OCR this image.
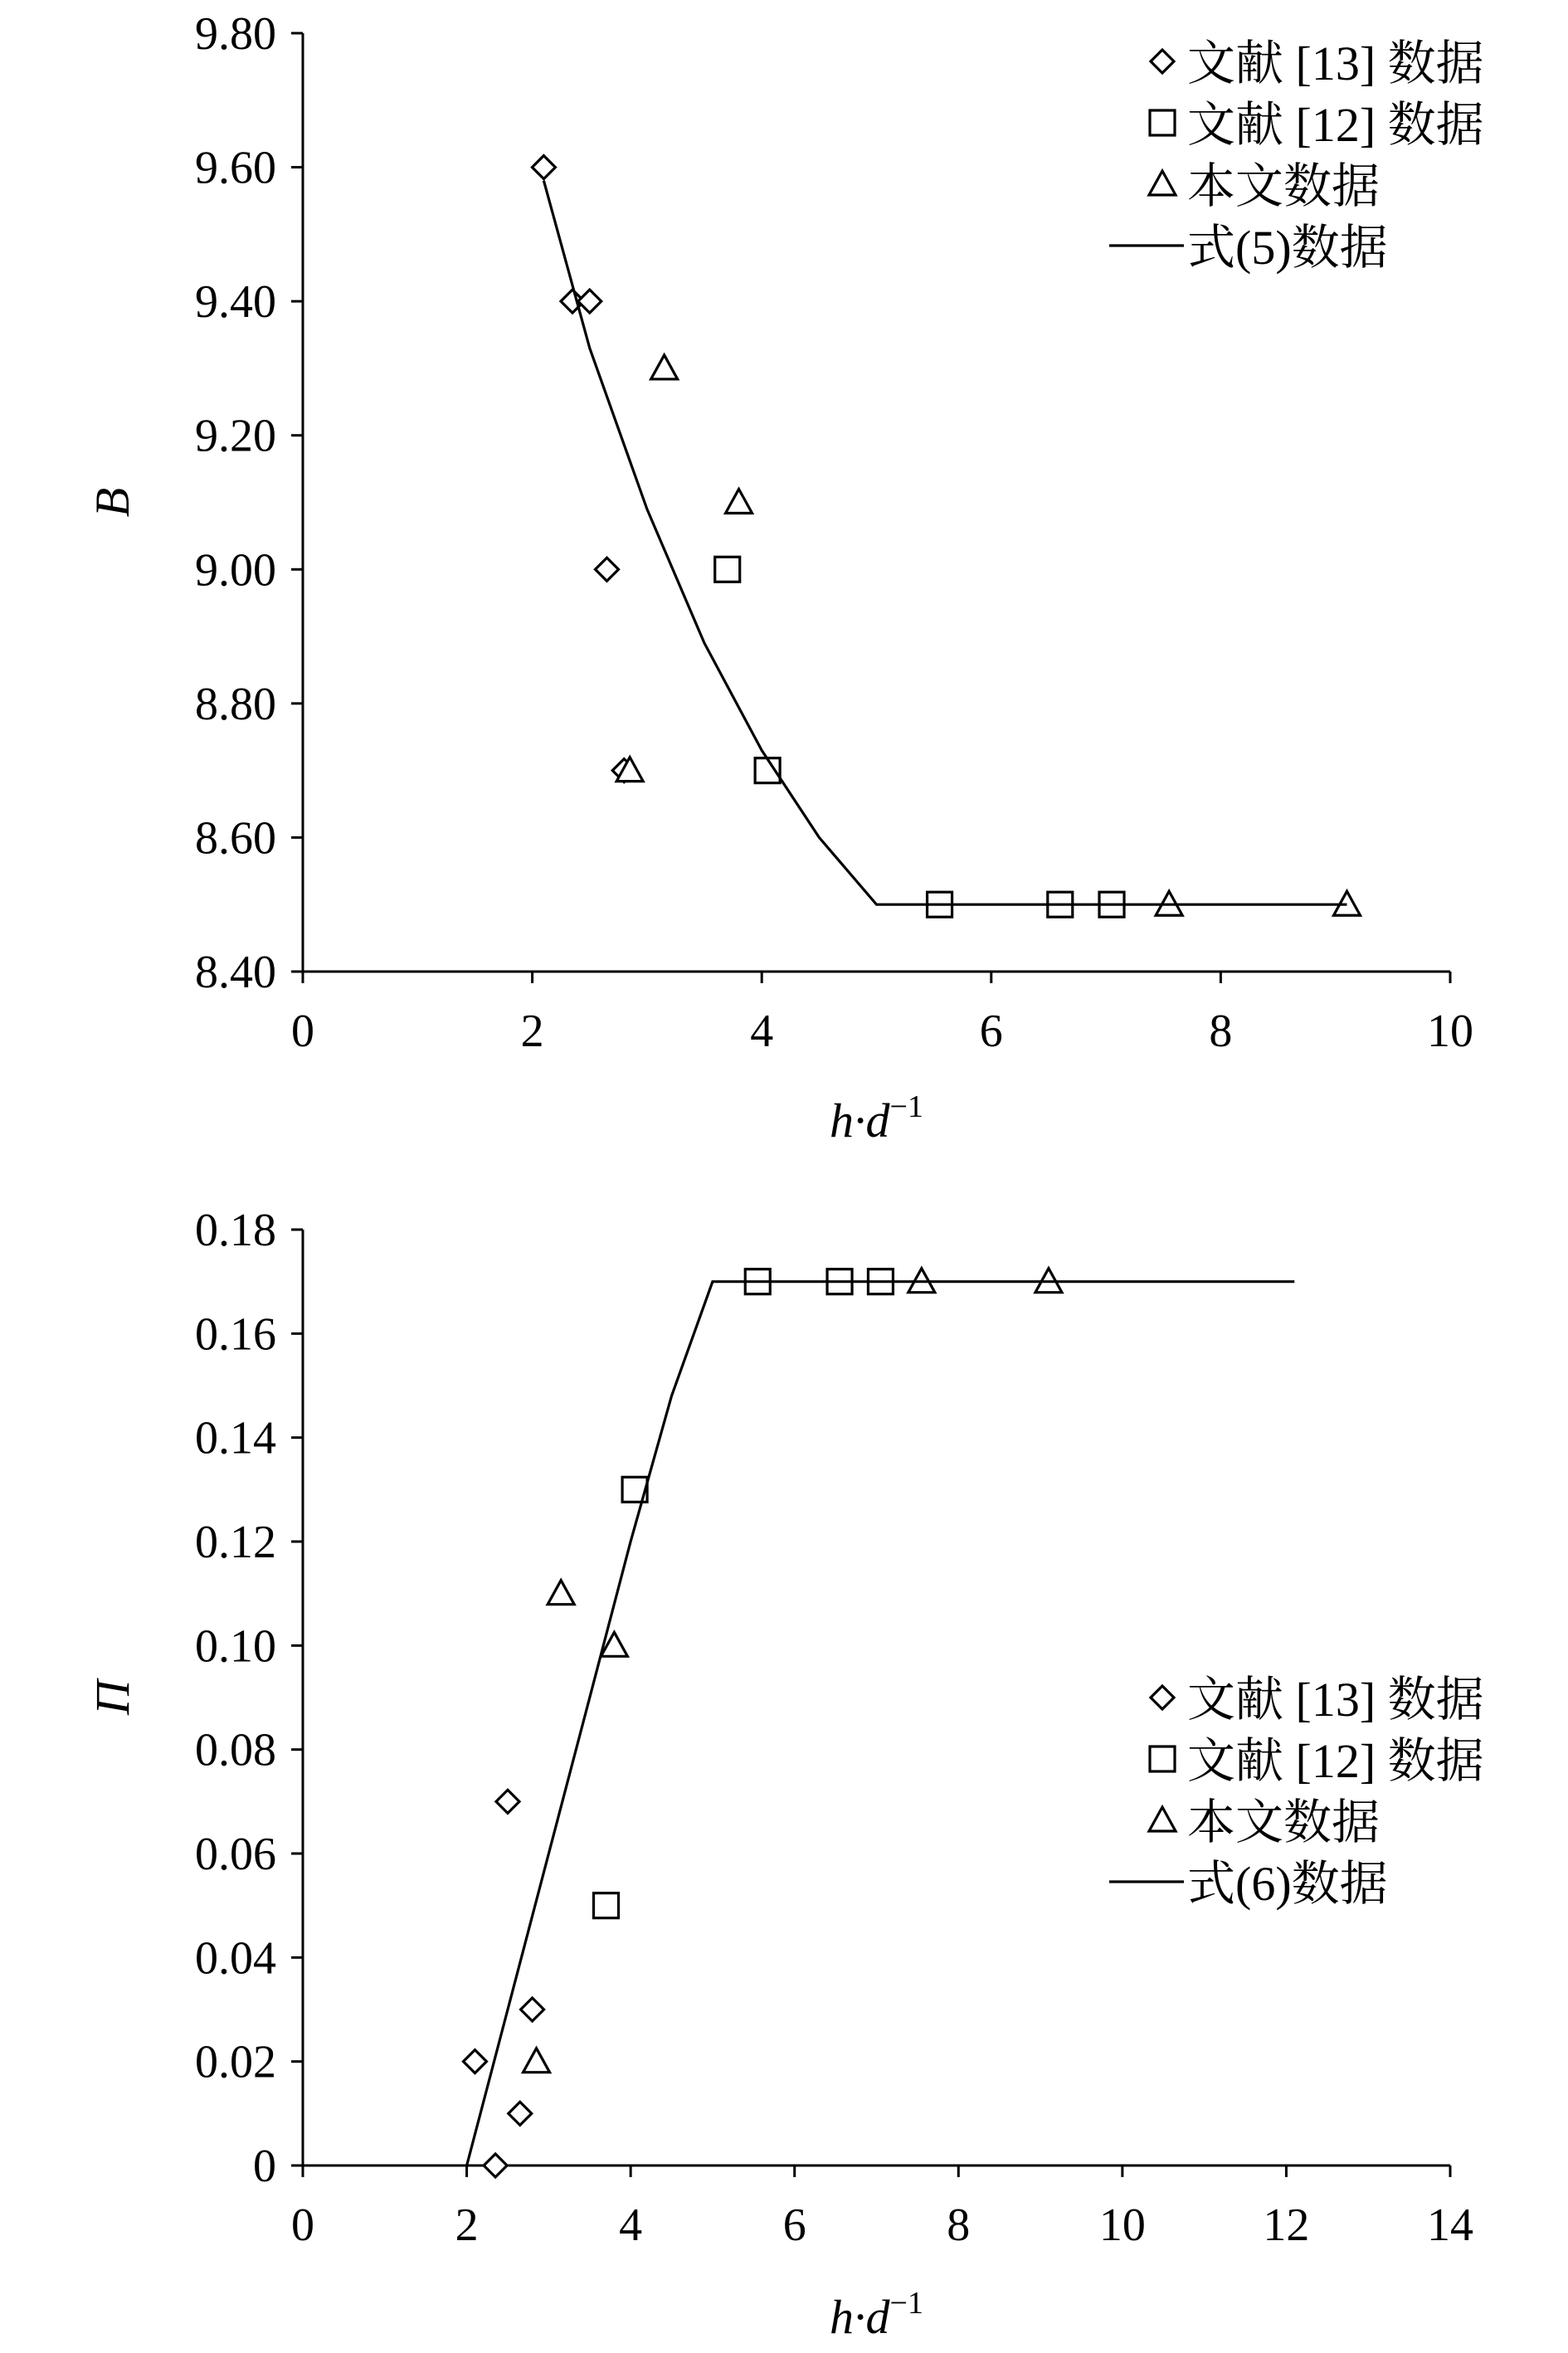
8.40
8.60
8.80
9.00
9.20
9.40
9.60
9.80
0	2	4	6	8	10
$h\cdot d^{-1}$
B
文献 [13] 数据
文献 [12] 数据
本文数据
式(5)数据
0
0.02
0.04
0.06
0.08
0.10
0.12
0.14
0.16
0.18
0	2	4	6	8	10	12	14
$h\cdot d^{-1}$
Π	文献 [13] 数据
文献 [12] 数据
本文数据
式(6)数据
